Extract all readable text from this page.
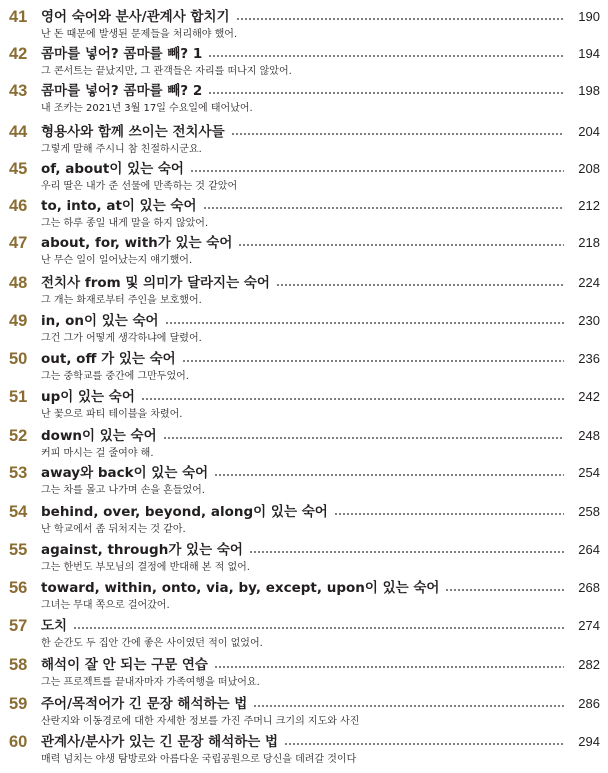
41	영어 숙어와 분사/관계사 합치기	190
난 돈 때문에 발생된 문제들을 처리해야 했어.
42	콤마를 넣어? 콤마를 빼? 1	194
그 콘서트는 끝났지만, 그 관객들은 자리를 떠나지 않았어.
43	콤마를 넣어? 콤마를 빼? 2	198
내 조카는 2021년 3월 17일 수요일에 태어났어.
44	형용사와 함께 쓰이는 전치사들	204
그렇게 말해 주시니 참 친절하시군요.
45	of, about이 있는 숙어	208
우리 딸은 내가 준 선물에 만족하는 것 같았어
46	to, into, at이 있는 숙어	212
그는 하루 종일 내게 말을 하지 않았어.
47	about, for, with가 있는 숙어	218
난 무슨 일이 일어났는지 얘기했어.
48	전치사 from 및 의미가 달라지는 숙어	224
그 개는 화재로부터 주인을 보호했어.
49	in, on이 있는 숙어	230
그건 그가 어떻게 생각하냐에 달렸어.
50	out, off 가 있는 숙어	236
그는 중학교를 중간에 그만두었어.
51	up이 있는 숙어	242
난 꽃으로 파티 테이블을 차렸어.
52	down이 있는 숙어	248
커피 마시는 걸 줄여야 해.
53	away와 back이 있는 숙어	254
그는 차를 몰고 나가며 손을 흔들었어.
54	behind, over, beyond, along이 있는 숙어	258
난 학교에서 좀 뒤처지는 것 같아.
55	against, through가 있는 숙어	264
그는 한번도 부모님의 결정에 반대해 본 적 없어.
56	toward, within, onto, via, by, except, upon이 있는 숙어	268
그녀는 무대 쪽으로 걸어갔어.
57	도치	274
한 순간도 두 집안 간에 좋은 사이였던 적이 없었어.
58	해석이 잘 안 되는 구문 연습	282
그는 프로젝트를 끝내자마자 가족여행을 떠났어요.
59	주어/목적어가 긴 문장 해석하는 법	286
산란지와 이동경로에 대한 자세한 정보를 가진 주머니 크기의 지도와 사진
60	관계사/분사가 있는 긴 문장 해석하는 법	294
매력 넘치는 야생 탐방로와 아름다운 국립공원으로 당신을 데려갈 것이다
